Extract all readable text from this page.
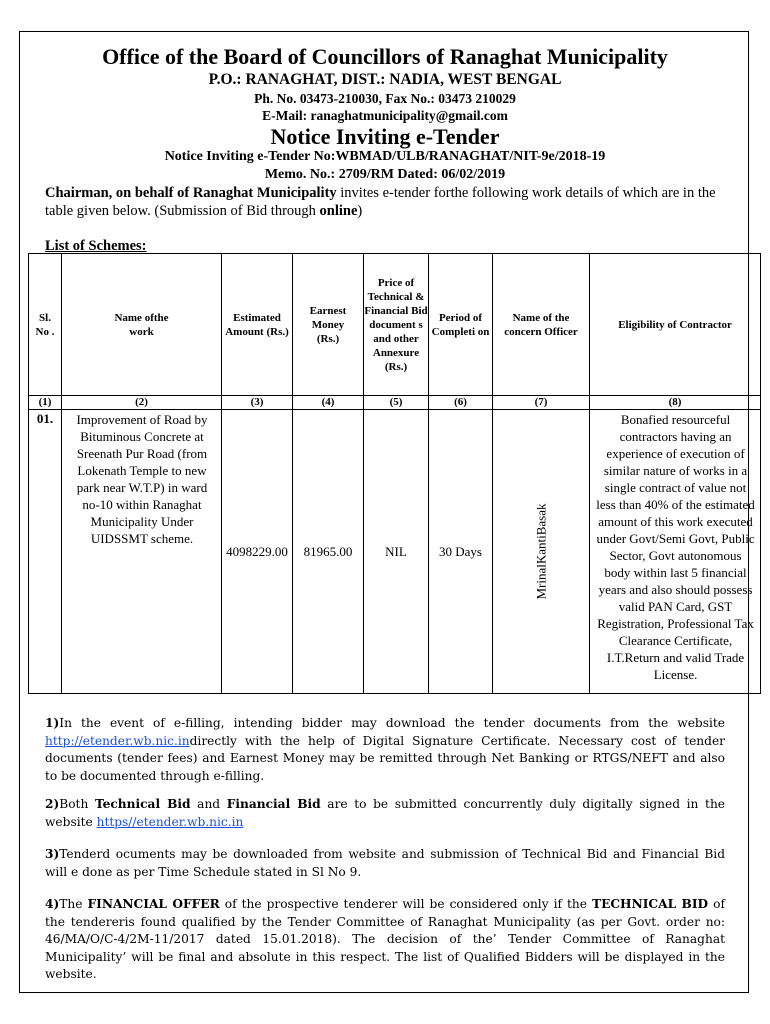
Office of the Board of Councillors of Ranaghat Municipality
P.O.: RANAGHAT, DIST.: NADIA, WEST BENGAL
Ph. No. 03473-210030, Fax No.: 03473 210029
E-Mail: ranaghatmunicipality@gmail.com
Notice Inviting e-Tender
Notice Inviting e-Tender No:WBMAD/ULB/RANAGHAT/NIT-9e/2018-19
Memo. No.: 2709/RM Dated: 06/02/2019
Chairman, on behalf of Ranaghat Municipality invites e-tender forthe following work details of which are in the table given below. (Submission of Bid through online)
List of Schemes:
Sl. No .	Name ofthe work	Estimated Amount (Rs.)	Earnest Money (Rs.)	Price of Technical & Financial Bid document s and other Annexure (Rs.)	Period of Completi on	Name of the concern Officer	Eligibility of Contractor
(1)	(2)	(3)	(4)	(5)	(6)	(7)	(8)
01.	Improvement of Road by Bituminous Concrete at Sreenath Pur Road (from Lokenath Temple to new park near W.T.P) in ward no-10 within Ranaghat Municipality Under UIDSSMT scheme.	4098229.00	81965.00	NIL	30 Days	MrinalKantiBasak	Bonafied resourceful contractors having an experience of execution of similar nature of works in a single contract of value not less than 40% of the estimated amount of this work executed under Govt/Semi Govt, Public Sector, Govt autonomous body within last 5 financial years and also should possess valid PAN Card, GST Registration, Professional Tax Clearance Certificate, I.T.Return and valid Trade License.
1)In the event of e-filling, intending bidder may download the tender documents from the website http://etender.wb.nic.indirectly with the help of Digital Signature Certificate. Necessary cost of tender documents (tender fees) and Earnest Money may be remitted through Net Banking or RTGS/NEFT and also to be documented through e-filling.
2)Both Technical Bid and Financial Bid are to be submitted concurrently duly digitally signed in the website https//etender.wb.nic.in
3)Tenderd ocuments may be downloaded from website and submission of Technical Bid and Financial Bid will e done as per Time Schedule stated in Sl No 9.
4)The FINANCIAL OFFER of the prospective tenderer will be considered only if the TECHNICAL BID of the tendereris found qualified by the Tender Committee of Ranaghat Municipality (as per Govt. order no: 46/MA/O/C-4/2M-11/2017 dated 15.01.2018). The decision of the’ Tender Committee of Ranaghat Municipality’ will be final and absolute in this respect. The list of Qualified Bidders will be displayed in the website.
